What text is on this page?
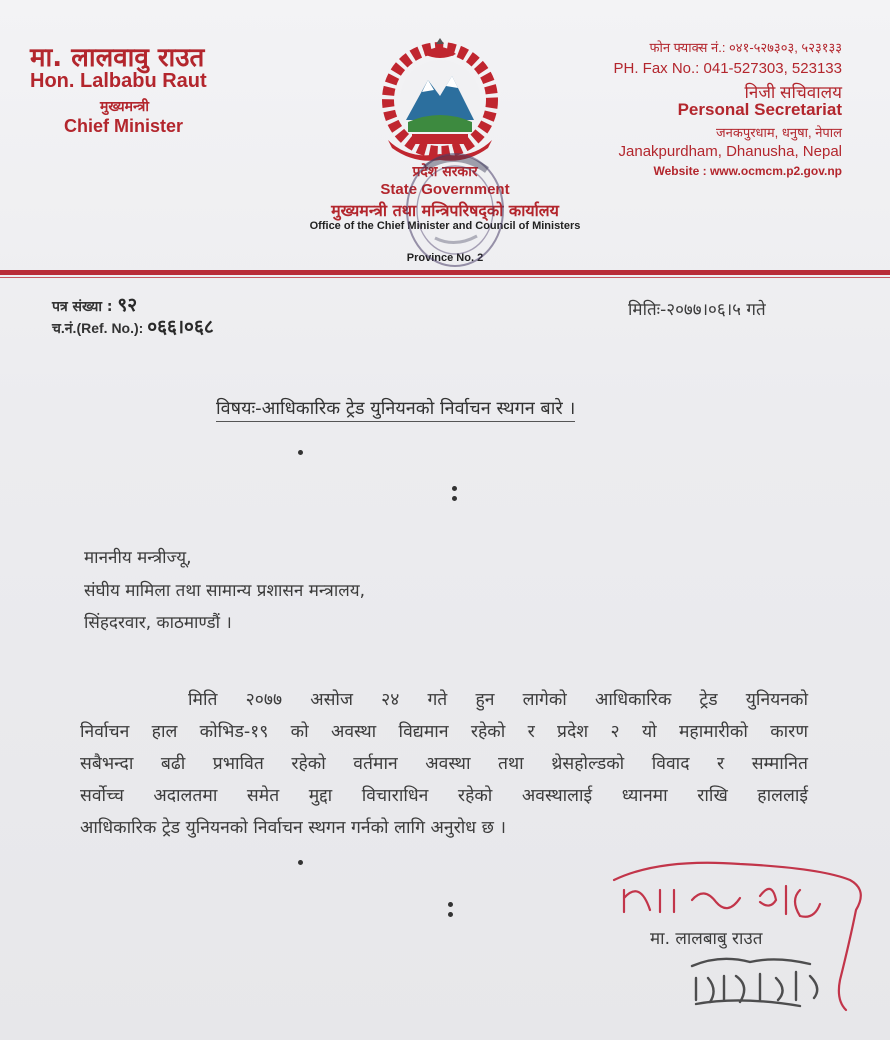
मा. लालवावु राउत
Hon. Lalbabu Raut
मुख्यमन्त्री
Chief Minister
फोन फ्याक्स नं.: ०४१-५२७३०३, ५२३१३३
PH. Fax No.: 041-527303, 523133
निजी सचिवालय
Personal Secretariat
जनकपुरधाम, धनुषा, नेपाल
Janakpurdham, Dhanusha, Nepal
Website : www.ocmcm.p2.gov.np
प्रदेश सरकार
State Government
मुख्यमन्त्री तथा मन्त्रिपरिषद्‌को कार्यालय
Office of the Chief Minister and Council of Ministers
Province No. 2
पत्र संख्या : ९२
च.नं.(Ref. No.): ०६६।०६८
मितिः-२०७७।०६।५ गते
विषयः-आधिकारिक ट्रेड युनियनको निर्वाचन स्थगन बारे ।
माननीय मन्त्रीज्यू,
संघीय मामिला तथा सामान्य प्रशासन मन्त्रालय,
सिंहदरवार, काठमाण्डौं ।
मिति २०७७ असोज २४ गते हुन लागेको आधिकारिक ट्रेड युनियनको
निर्वाचन हाल कोभिड-१९ को अवस्था विद्यमान रहेको र प्रदेश २ यो महामारीको कारण
सबैभन्दा बढी प्रभावित रहेको वर्तमान अवस्था तथा थ्रेसहोल्डको विवाद र सम्मानित
सर्वोच्च अदालतमा समेत मुद्दा विचाराधिन रहेको अवस्थालाई ध्यानमा राखि हाललाई
आधिकारिक ट्रेड युनियनको निर्वाचन स्थगन गर्नको लागि अनुरोध छ ।
मा. लालबाबु राउत
